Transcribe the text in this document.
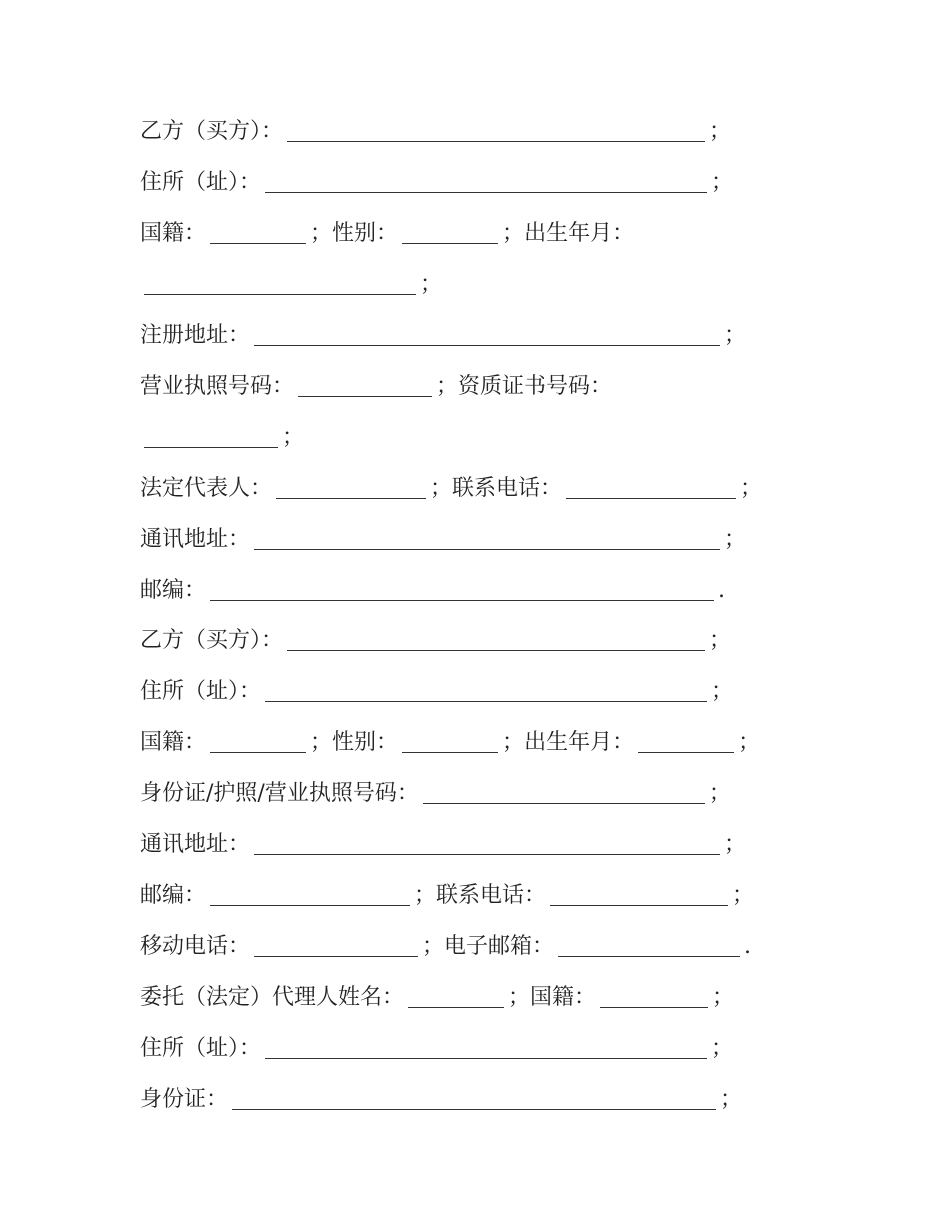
乙方（买方）：	；
住所（址）：	；
国籍：	； 性别：	； 出生年月：
；
注册地址：	；
营业执照号码：	； 资质证书号码：
；
法定代表人：	； 联系电话：	；
通讯地址：	；
邮编：	.
乙方（买方）：	；
住所（址）：	；
国籍：	； 性别：	； 出生年月：	；
身份证/护照/营业执照号码：	；
通讯地址：	；
邮编：	； 联系电话：	；
移动电话：	； 电子邮箱：	.
委托（法定）代理人姓名：	； 国籍：	；
住所（址）：	；
身份证：	；
